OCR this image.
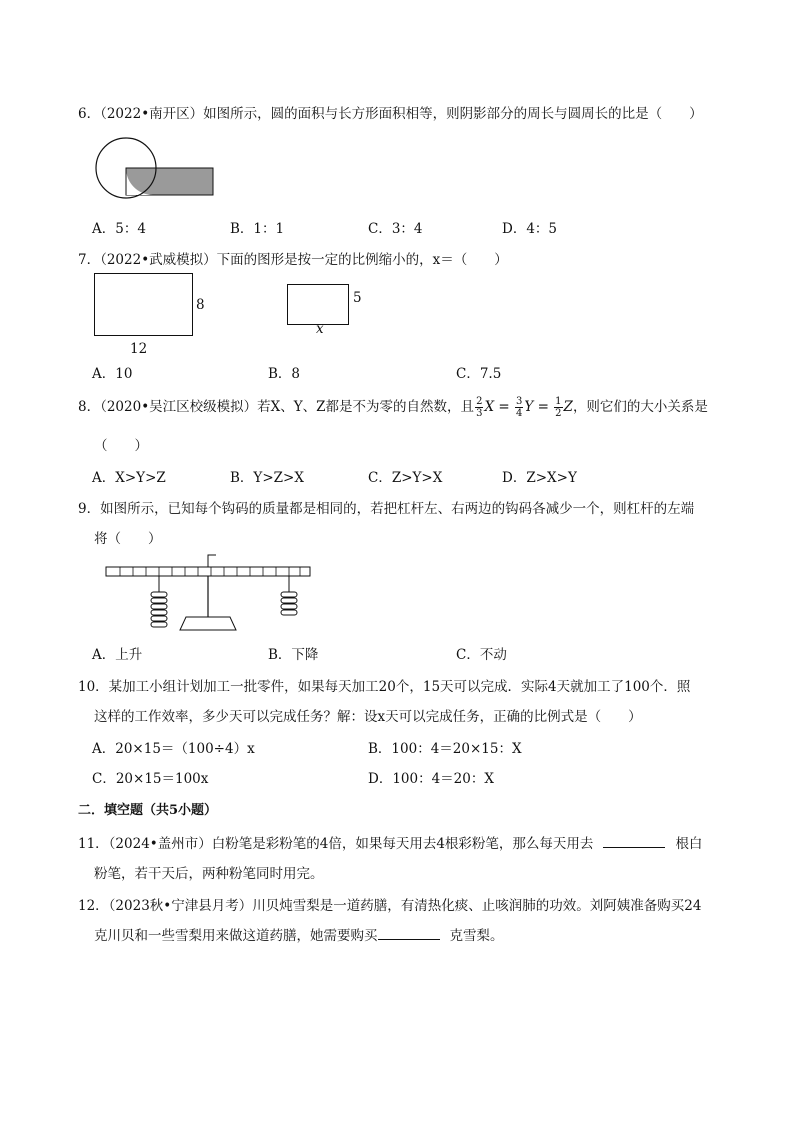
6．（2022•南开区）如图所示，圆的面积与长方形面积相等，则阴影部分的周长与圆周长的比是（　　）
A．5：4	B．1：1	C．3：4	D．4：5
7．（2022•武威模拟）下面的图形是按一定的比例缩小的，x＝（　　）
8
12
5
x
A．10	B．8	C．7.5
8．（2020•吴江区校级模拟）若X、Y、Z都是不为零的自然数，且 $\frac{2}{3}$ $X = \frac{3}{4}$ $Y = \frac{1}{2}$ Z，则它们的大小关系是
（　　）
A．X>Y>Z	B．Y>Z>X	C．Z>Y>X	D．Z>X>Y
9．如图所示，已知每个钩码的质量都是相同的，若把杠杆左、右两边的钩码各减少一个，则杠杆的左端
将（　　）
A．上升	B．下降	C．不动
10．某加工小组计划加工一批零件，如果每天加工20个，15天可以完成．实际4天就加工了100个．照
这样的工作效率，多少天可以完成任务？解：设x天可以完成任务，正确的比例式是（　　）
A．20×15＝（100÷4）x	B．100：4＝20×15：X
C．20×15＝100x	D．100：4＝20：X
二．填空题（共5小题）
11．（2024•盖州市）白粉笔是彩粉笔的4倍，如果每天用去4根彩粉笔，那么每天用去	根白
粉笔，若干天后，两种粉笔同时用完。
12．（2023秋•宁津县月考）川贝炖雪梨是一道药膳，有清热化痰、止咳润肺的功效。刘阿姨准备购买24
克川贝和一些雪梨用来做这道药膳，她需要购买	克雪梨。
